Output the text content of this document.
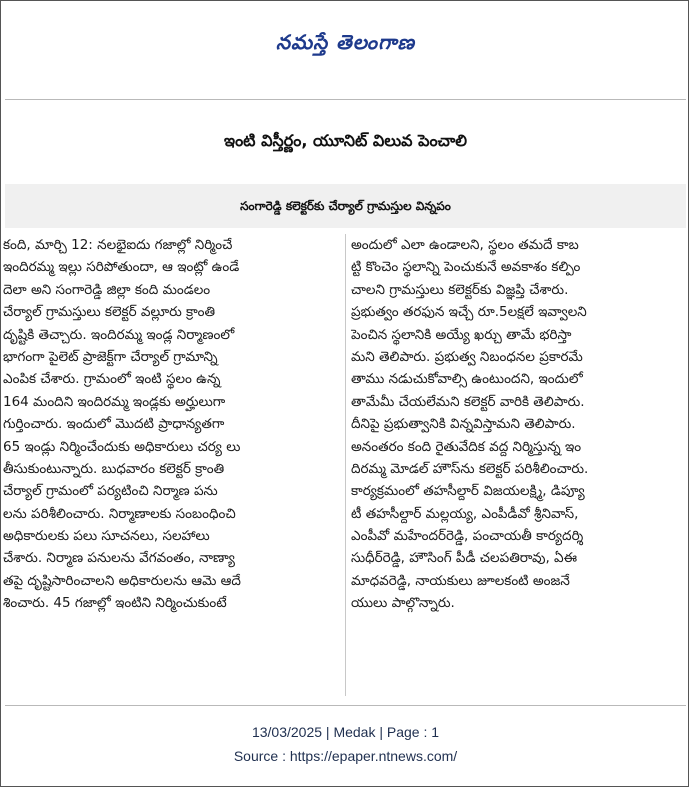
నమస్తే తెలంగాణ
ఇంటి విస్తీర్ణం, యూనిట్ విలువ పెంచాలి
సంగారెడ్డి కలెక్టర్‌కు చేర్యాల్ గ్రామస్తుల విన్నపం
కంది, మార్చి 12: నలభైఐదు గజాల్లో నిర్మించే
ఇందిరమ్మ ఇల్లు సరిపోతుందా, ఆ ఇంట్లో ఉండే
దెలా అని సంగారెడ్డి జిల్లా కంది మండలం
చేర్యాల్ గ్రామస్తులు కలెక్టర్ వల్లూరు క్రాంతి
దృష్టికి తెచ్చారు. ఇందిరమ్మ ఇండ్ల నిర్మాణంలో
భాగంగా పైలెట్ ప్రాజెక్ట్‌గా చేర్యాల్ గ్రామాన్ని
ఎంపిక చేశారు. గ్రామంలో ఇంటి స్థలం ఉన్న
164 మందిని ఇందిరమ్మ ఇండ్లకు అర్హులుగా
గుర్తించారు. ఇందులో మొదటి ప్రాధాన్యతగా
65 ఇండ్లు నిర్మించేందుకు అధికారులు చర్య లు
తీసుకుంటున్నారు. బుధవారం కలెక్టర్ క్రాంతి
చేర్యాల్ గ్రామంలో పర్యటించి నిర్మాణ పను
లను పరిశీలించారు. నిర్మాణాలకు సంబంధించి
అధికారులకు పలు సూచనలు, సలహాలు
చేశారు. నిర్మాణ పనులను వేగవంతం, నాణ్యా
తపై దృష్టిసారించాలని అధికారులను ఆమె ఆదే
శించారు. 45 గజాల్లో ఇంటిని నిర్మించుకుంటే
అందులో ఎలా ఉండాలని, స్థలం తమదే కాబ
ట్టి కొంచెం స్థలాన్ని పెంచుకునే అవకాశం కల్పిం
చాలని గ్రామస్తులు కలెక్టర్‌కు విజ్ఞప్తి చేశారు.
ప్రభుత్వం తరఫున ఇచ్చే రూ.5లక్షలే ఇవ్వాలని
పెంచిన స్థలానికి అయ్యే ఖర్చు తామే భరిస్తా
మని తెలిపారు. ప్రభుత్వ నిబంధనల ప్రకారమే
తాము నడుచుకోవాల్సి ఉంటుందని, ఇందులో
తామేమీ చేయలేమని కలెక్టర్ వారికి తెలిపారు.
దీనిపై ప్రభుత్వానికి విన్నవిస్తామని తెలిపారు.
అనంతరం కంది రైతువేదిక వద్ద నిర్మిస్తున్న ఇం
దిరమ్మ మోడల్ హౌస్‌ను కలెక్టర్ పరిశీలించారు.
కార్యక్రమంలో తహసీల్దార్ విజయలక్ష్మి, డిప్యూ
టీ తహసీల్దార్ మల్లయ్య, ఎంపీడీవో శ్రీనివాస్,
ఎంపీవో మహేందర్‌రెడ్డి, పంచాయతీ కార్యదర్శి
సుధీర్‌రెడ్డి, హౌసింగ్ పీడీ చలపతిరావు, ఏఈ
మాధవరెడ్డి, నాయకులు జూలకంటి అంజనే
యులు పాల్గొన్నారు.
13/03/2025 | Medak | Page : 1
Source : https://epaper.ntnews.com/
